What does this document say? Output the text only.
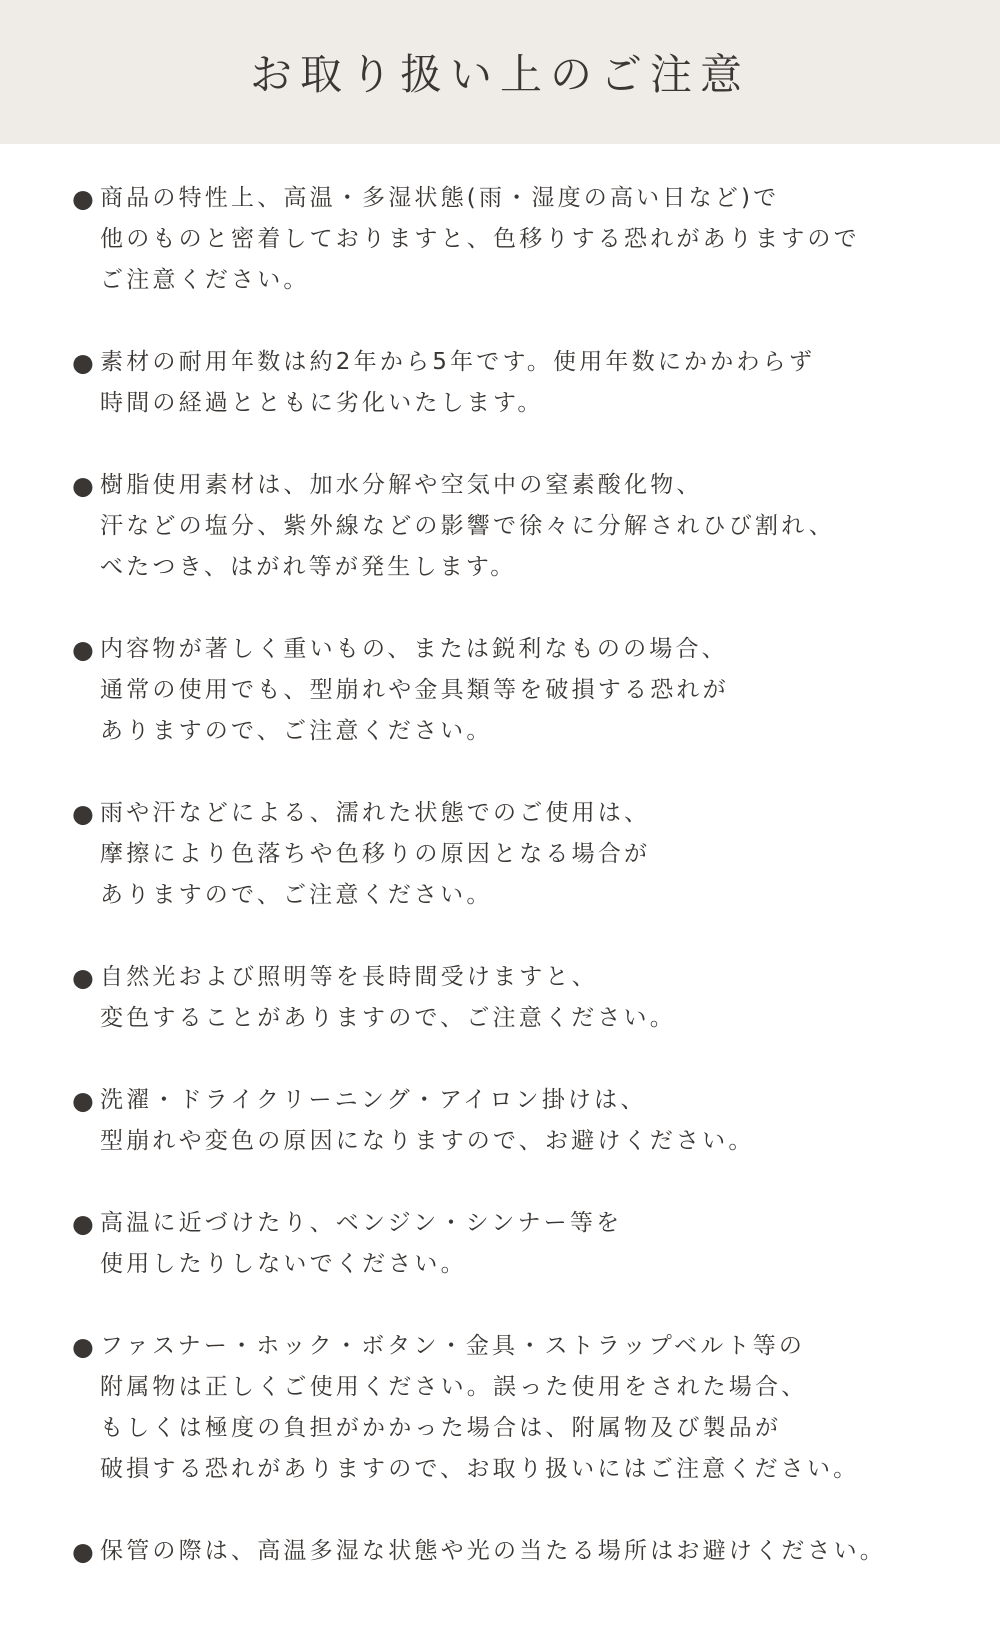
お取り扱い上のご注意
● 商品の特性上、高温・多湿状態(雨・湿度の高い日など)で
他のものと密着しておりますと、色移りする恐れがありますので
ご注意ください。
● 素材の耐用年数は約2年から5年です。使用年数にかかわらず
時間の経過とともに劣化いたします。
● 樹脂使用素材は、加水分解や空気中の窒素酸化物、
汗などの塩分、紫外線などの影響で徐々に分解されひび割れ、
べたつき、はがれ等が発生します。
● 内容物が著しく重いもの、または鋭利なものの場合、
通常の使用でも、型崩れや金具類等を破損する恐れが
ありますので、ご注意ください。
● 雨や汗などによる、濡れた状態でのご使用は、
摩擦により色落ちや色移りの原因となる場合が
ありますので、ご注意ください。
● 自然光および照明等を長時間受けますと、
変色することがありますので、ご注意ください。
● 洗濯・ドライクリーニング・アイロン掛けは、
型崩れや変色の原因になりますので、お避けください。
● 高温に近づけたり、ベンジン・シンナー等を
使用したりしないでください。
● ファスナー・ホック・ボタン・金具・ストラップベルト等の
附属物は正しくご使用ください。誤った使用をされた場合、
もしくは極度の負担がかかった場合は、附属物及び製品が
破損する恐れがありますので、お取り扱いにはご注意ください。
● 保管の際は、高温多湿な状態や光の当たる場所はお避けください。
